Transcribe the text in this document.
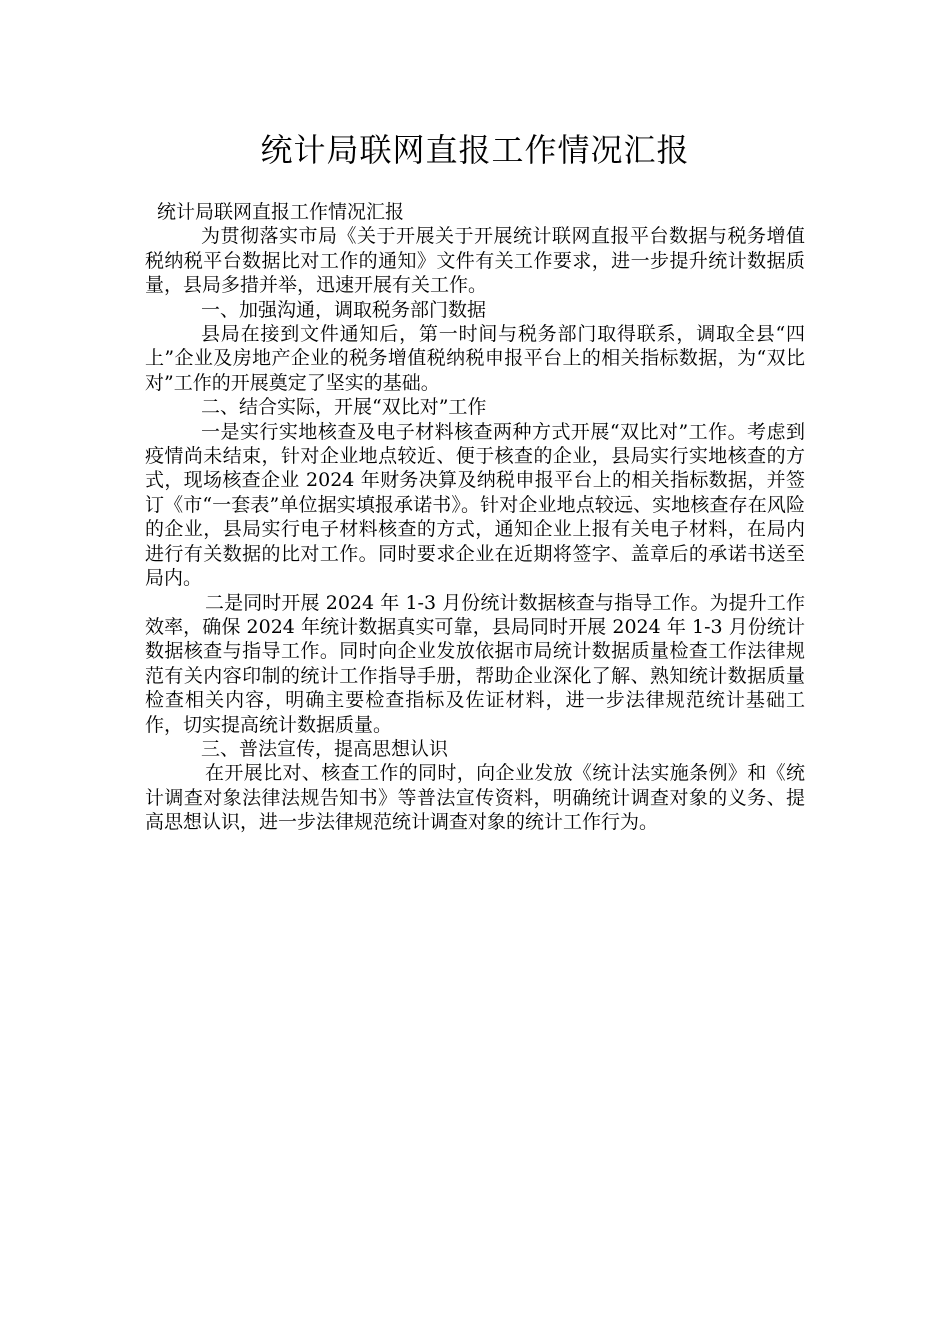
统计局联网直报工作情况汇报

统计局联网直报工作情况汇报

为贯彻落实市局《关于开展关于开展统计联网直报平台数据与税务增值税纳税平台数据比对工作的通知》文件有关工作要求，进一步提升统计数据质量，县局多措并举，迅速开展有关工作。

一、加强沟通，调取税务部门数据

县局在接到文件通知后，第一时间与税务部门取得联系，调取全县“四上”企业及房地产企业的税务增值税纳税申报平台上的相关指标数据，为“双比对”工作的开展奠定了坚实的基础。

二、结合实际，开展“双比对”工作

一是实行实地核查及电子材料核查两种方式开展“双比对”工作。考虑到疫情尚未结束，针对企业地点较近、便于核查的企业，县局实行实地核查的方式，现场核查企业 2024 年财务决算及纳税申报平台上的相关指标数据，并签订《市“一套表”单位据实填报承诺书》。针对企业地点较远、实地核查存在风险的企业，县局实行电子材料核查的方式，通知企业上报有关电子材料，在局内进行有关数据的比对工作。同时要求企业在近期将签字、盖章后的承诺书送至局内。

二是同时开展 2024 年 1-3 月份统计数据核查与指导工作。为提升工作效率，确保 2024 年统计数据真实可靠，县局同时开展 2024 年 1-3 月份统计数据核查与指导工作。同时向企业发放依据市局统计数据质量检查工作法律规范有关内容印制的统计工作指导手册，帮助企业深化了解、熟知统计数据质量检查相关内容，明确主要检查指标及佐证材料，进一步法律规范统计基础工作，切实提高统计数据质量。

三、普法宣传，提高思想认识

在开展比对、核查工作的同时，向企业发放《统计法实施条例》和《统计调查对象法律法规告知书》等普法宣传资料，明确统计调查对象的义务、提高思想认识，进一步法律规范统计调查对象的统计工作行为。
